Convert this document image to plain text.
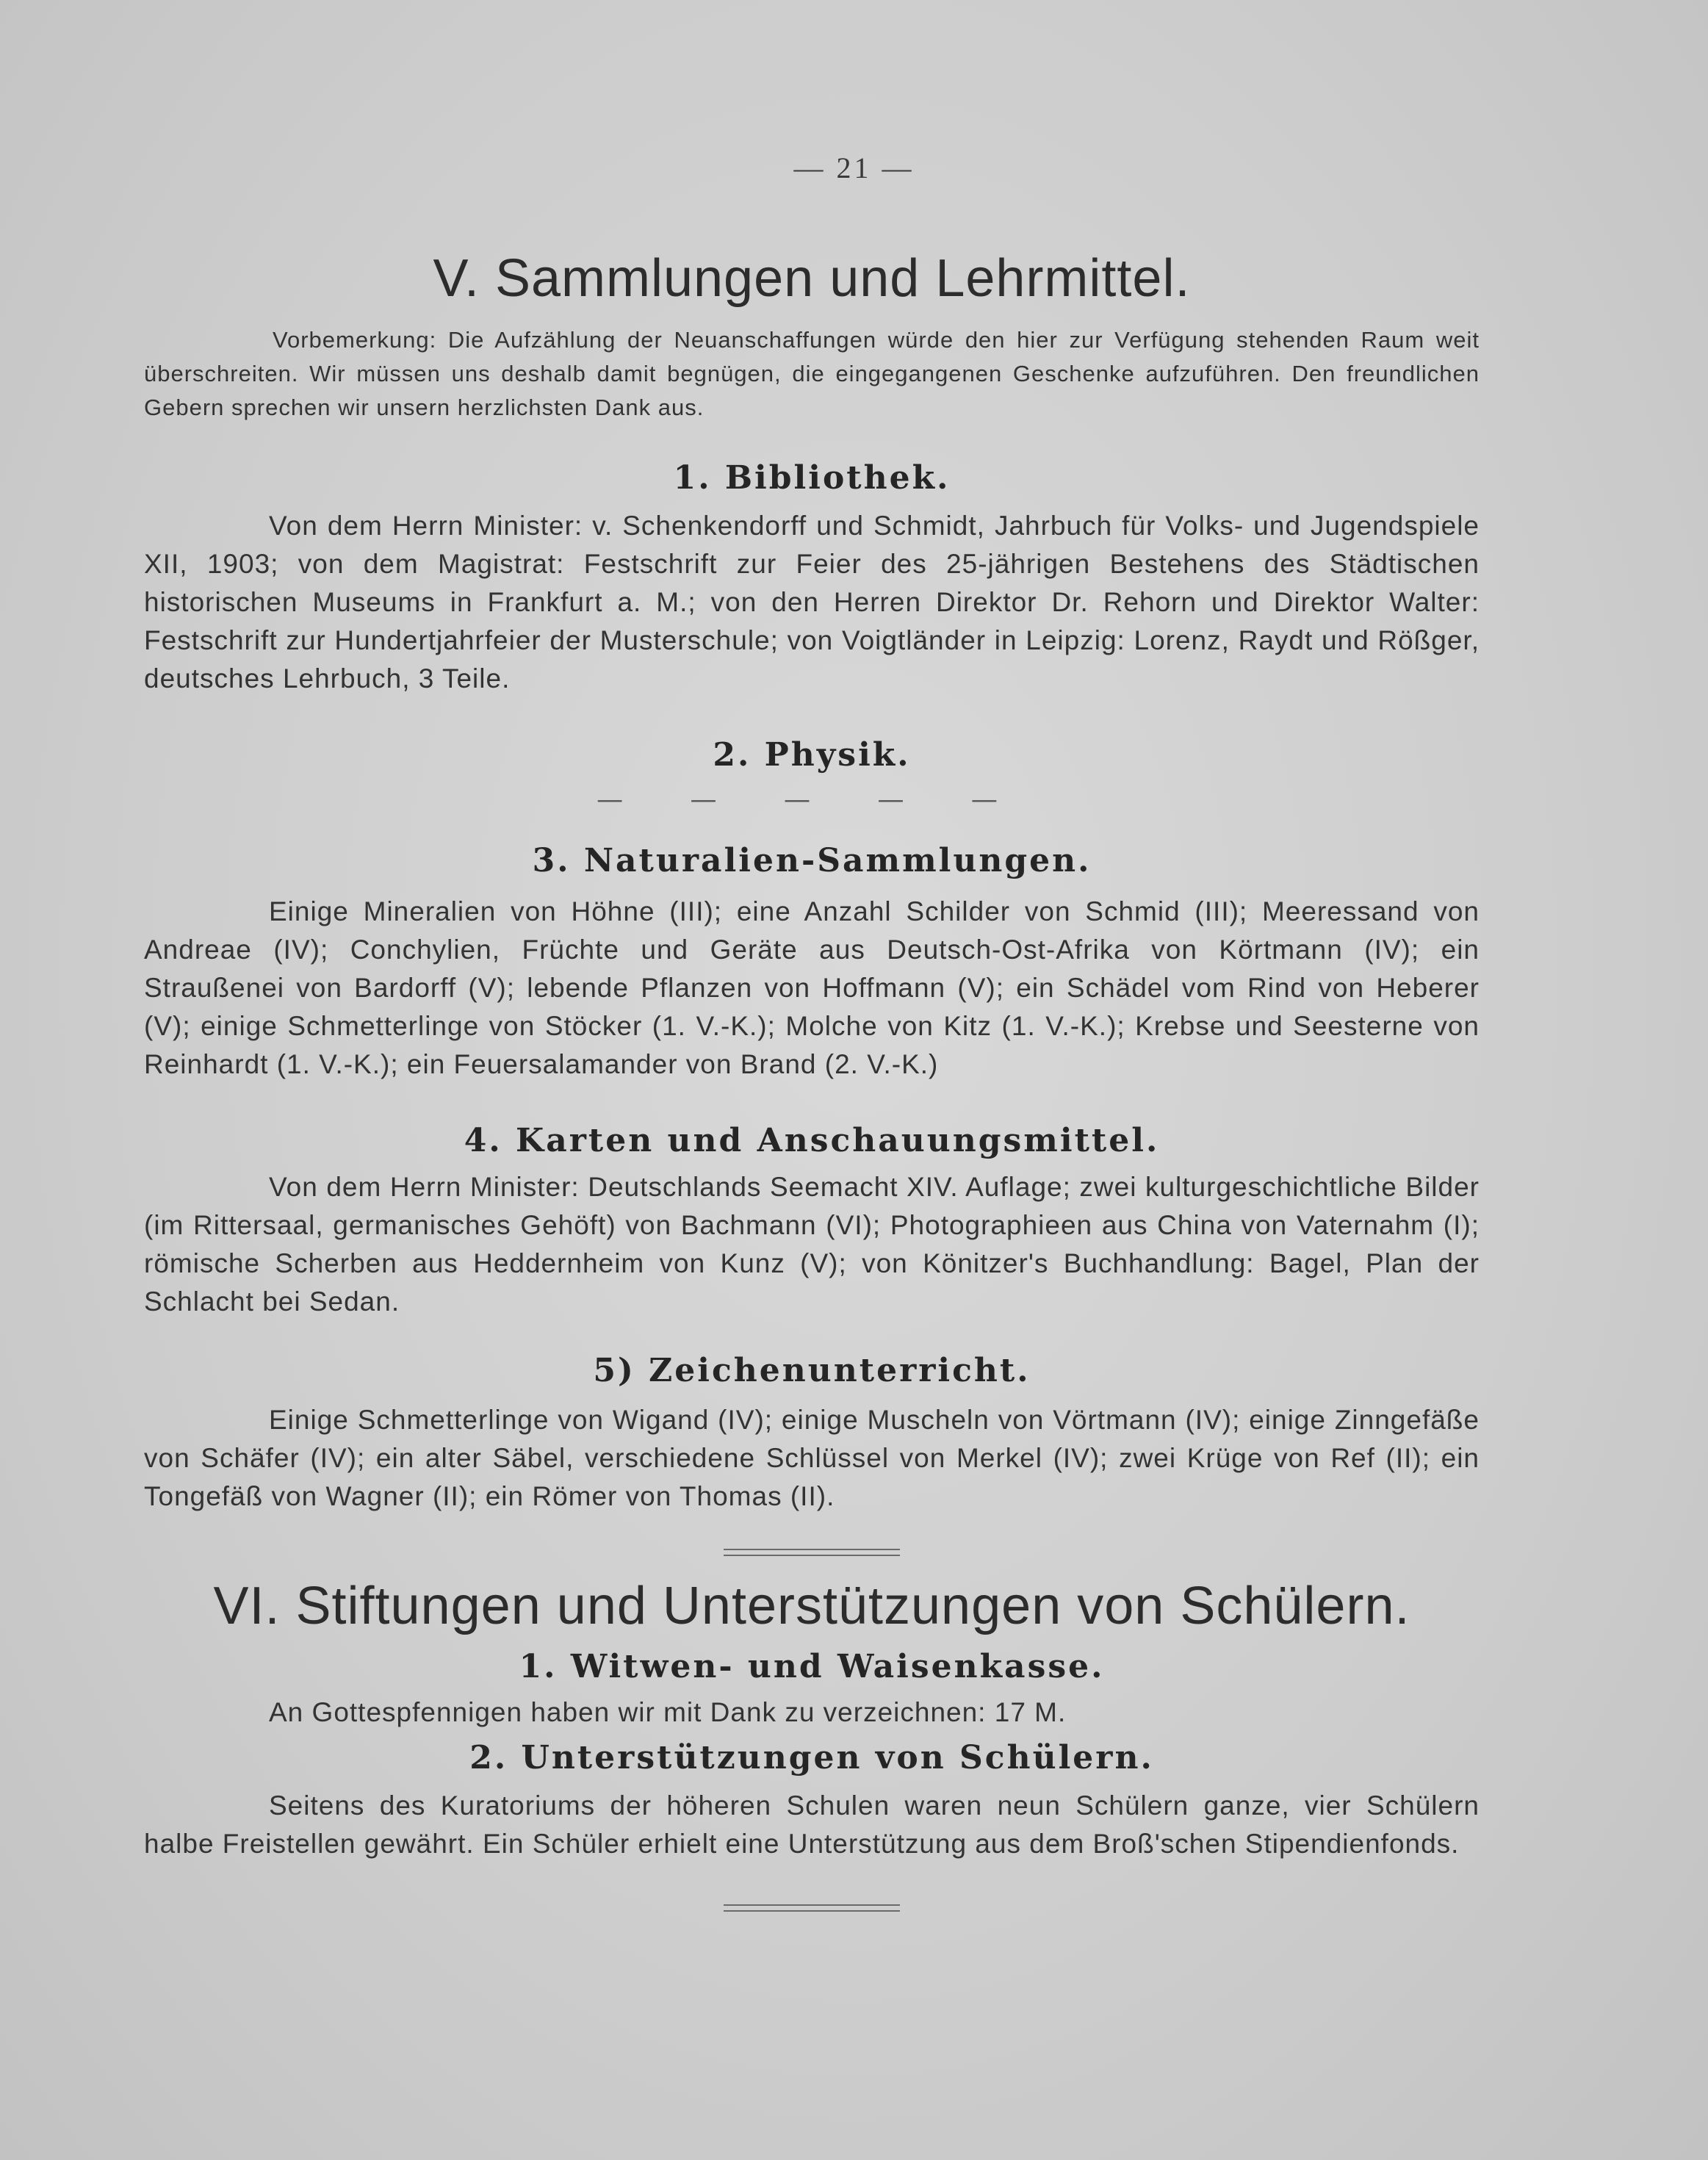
— 21 —
V. Sammlungen und Lehrmittel.

Vorbemerkung: Die Aufzählung der Neuanschaffungen würde den hier zur Verfügung stehenden Raum weit überschreiten. Wir müssen uns deshalb damit begnügen, die eingegangenen Geschenke aufzuführen. Den freundlichen Gebern sprechen wir unsern herzlichsten Dank aus.

1. Bibliothek.

Von dem Herrn Minister: v. Schenkendorff und Schmidt, Jahrbuch für Volks- und Jugendspiele XII, 1903; von dem Magistrat: Festschrift zur Feier des 25-jährigen Bestehens des Städtischen historischen Museums in Frankfurt a. M.; von den Herren Direktor Dr. Rehorn und Direktor Walter: Festschrift zur Hundertjahrfeier der Musterschule; von Voigtländer in Leipzig: Lorenz, Raydt und Rößger, deutsches Lehrbuch, 3 Teile.

2. Physik.
— — — — —
3. Naturalien-Sammlungen.

Einige Mineralien von Höhne (III); eine Anzahl Schilder von Schmid (III); Meeressand von Andreae (IV); Conchylien, Früchte und Geräte aus Deutsch-Ost-Afrika von Körtmann (IV); ein Straußenei von Bardorff (V); lebende Pflanzen von Hoffmann (V); ein Schädel vom Rind von Heberer (V); einige Schmetterlinge von Stöcker (1. V.-K.); Molche von Kitz (1. V.-K.); Krebse und Seesterne von Reinhardt (1. V.-K.); ein Feuersalamander von Brand (2. V.-K.)

4. Karten und Anschauungsmittel.

Von dem Herrn Minister: Deutschlands Seemacht XIV. Auflage; zwei kulturgeschichtliche Bilder (im Rittersaal, germanisches Gehöft) von Bachmann (VI); Photographieen aus China von Vaternahm (I); römische Scherben aus Heddernheim von Kunz (V); von Könitzer's Buchhandlung: Bagel, Plan der Schlacht bei Sedan.

5) Zeichenunterricht.

Einige Schmetterlinge von Wigand (IV); einige Muscheln von Vörtmann (IV); einige Zinngefäße von Schäfer (IV); ein alter Säbel, verschiedene Schlüssel von Merkel (IV); zwei Krüge von Ref (II); ein Tongefäß von Wagner (II); ein Römer von Thomas (II).

VI. Stiftungen und Unterstützungen von Schülern.
1. Witwen- und Waisenkasse.

An Gottespfennigen haben wir mit Dank zu verzeichnen: 17 M.

2. Unterstützungen von Schülern.

Seitens des Kuratoriums der höheren Schulen waren neun Schülern ganze, vier Schülern halbe Freistellen gewährt. Ein Schüler erhielt eine Unterstützung aus dem Broß'schen Stipendienfonds.
